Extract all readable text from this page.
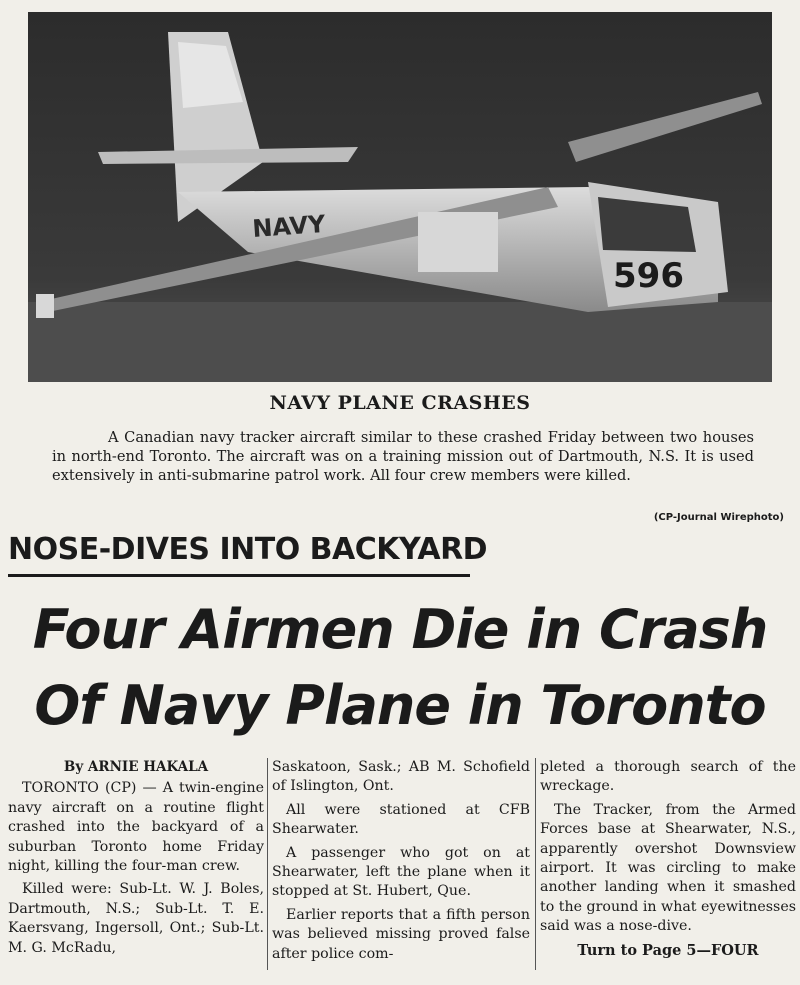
596
NAVY
NAVY PLANE CRASHES
A Canadian navy tracker aircraft similar to these crashed Friday between two houses in north-end Toronto. The aircraft was on a training mission out of Dartmouth, N.S. It is used extensively in anti-submarine patrol work. All four crew members were killed.
(CP-Journal Wirephoto)
NOSE-DIVES INTO BACKYARD
Four Airmen Die in Crash
Of Navy Plane in Toronto
By ARNIE HAKALA

TORONTO (CP) — A twin-engine navy aircraft on a routine flight crashed into the backyard of a suburban Toronto home Friday night, killing the four-man crew.

Killed were: Sub-Lt. W. J. Boles, Dartmouth, N.S.; Sub-Lt. T. E. Kaersvang, Ingersoll, Ont.; Sub-Lt. M. G. McRadu,

Saskatoon, Sask.; AB M. Schofield of Islington, Ont.

All were stationed at CFB Shearwater.

A passenger who got on at Shearwater, left the plane when it stopped at St. Hubert, Que.

Earlier reports that a fifth person was believed missing proved false after police com-

pleted a thorough search of the wreckage.

The Tracker, from the Armed Forces base at Shearwater, N.S., apparently overshot Downsview airport. It was circling to make another landing when it smashed to the ground in what eyewitnesses said was a nose-dive.

Turn to Page 5—FOUR
